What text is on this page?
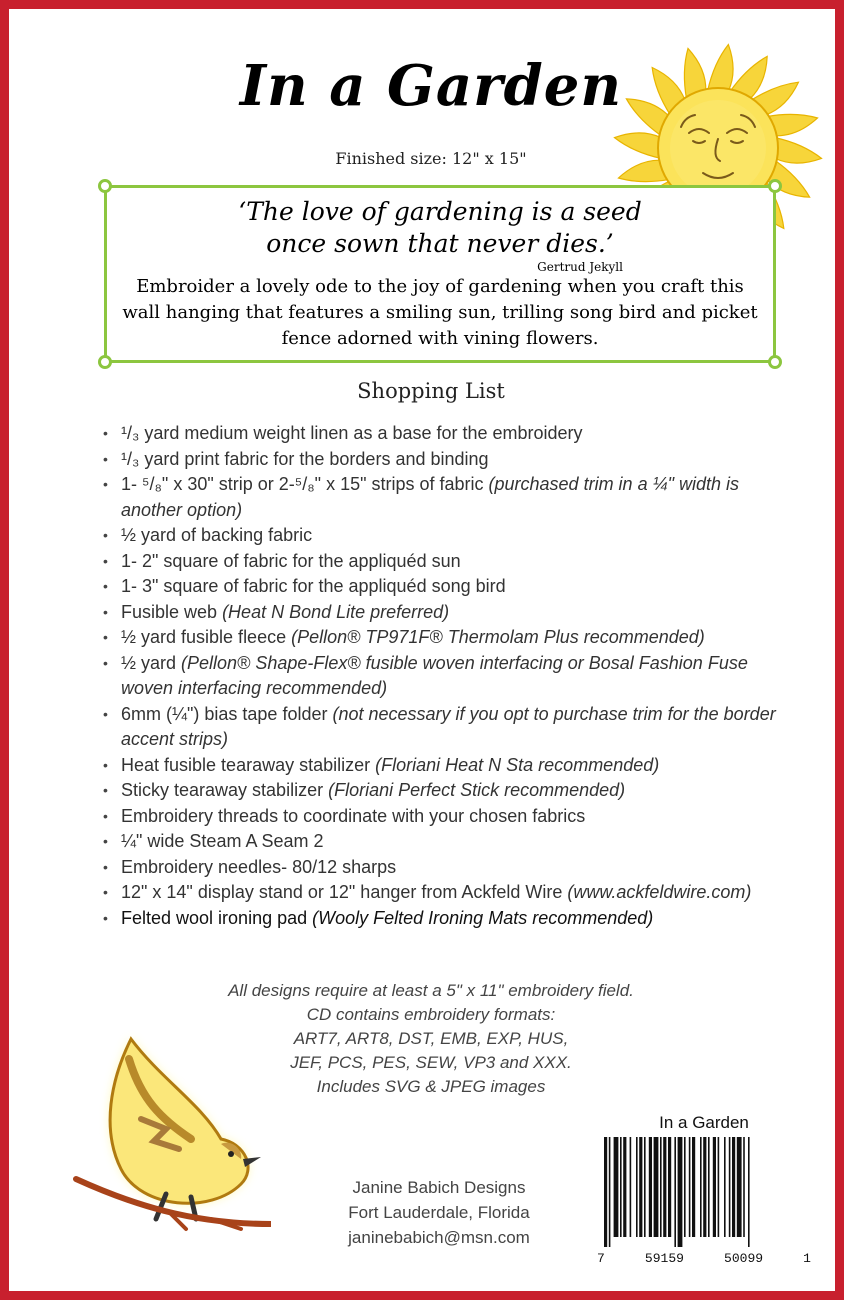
In a Garden
Finished size: 12" x 15"
‘The love of gardening is a seed
once sown that never dies.’
Gertrud Jekyll
Embroider a lovely ode to the joy of gardening when you craft this
wall hanging that features a smiling sun, trilling song bird and picket
fence adorned with vining flowers.
Shopping List
• ¹/₃ yard medium weight linen as a base for the embroidery
• ¹/₃ yard print fabric for the borders and binding
• 1- ⁵/₈" x 30" strip or 2-⁵/₈" x 15" strips of fabric (purchased trim in a ¼" width is another option)
• ½ yard of backing fabric
• 1- 2" square of fabric for the appliquéd sun
• 1- 3" square of fabric for the appliquéd song bird
• Fusible web (Heat N Bond Lite preferred)
• ½ yard fusible fleece (Pellon® TP971F® Thermolam Plus recommended)
• ½ yard (Pellon® Shape-Flex® fusible woven interfacing or Bosal Fashion Fuse woven interfacing recommended)
• 6mm (¼") bias tape folder (not necessary if you opt to purchase trim for the border accent strips)
• Heat fusible tearaway stabilizer (Floriani Heat N Sta recommended)
• Sticky tearaway stabilizer (Floriani Perfect Stick recommended)
• Embroidery threads to coordinate with your chosen fabrics
• ¼" wide Steam A Seam 2
• Embroidery needles- 80/12 sharps
• 12" x 14" display stand or 12" hanger from Ackfeld Wire (www.ackfeldwire.com)
• Felted wool ironing pad (Wooly Felted Ironing Mats recommended)
All designs require at least a 5" x 11" embroidery field.
CD contains embroidery formats:
ART7, ART8, DST, EMB, EXP, HUS,
JEF, PCS, PES, SEW, VP3 and XXX.
Includes SVG & JPEG images
Janine Babich Designs
Fort Lauderdale, Florida
janinebabich@msn.com
In a Garden
7	59159	50099	1
